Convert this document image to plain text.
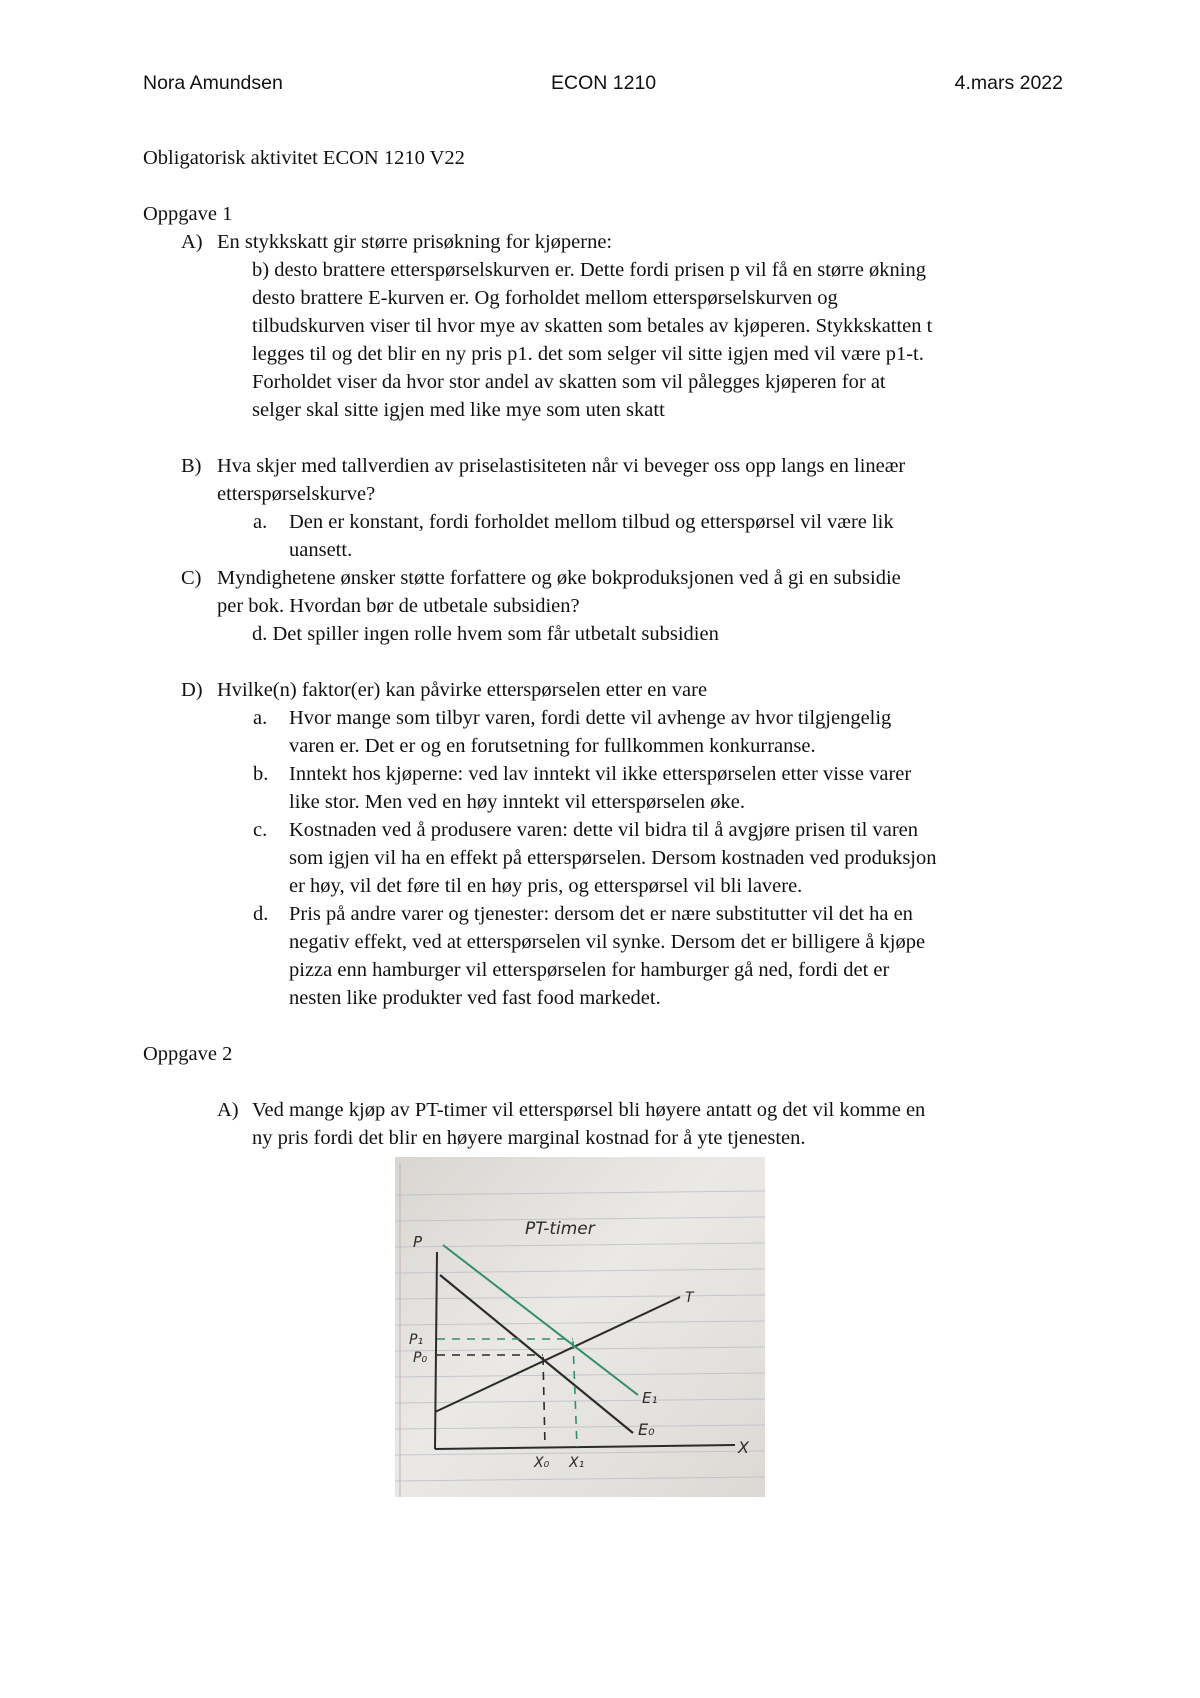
Nora Amundsen	ECON 1210	4.mars 2022
Obligatorisk aktivitet ECON 1210 V22
Oppgave 1
A) En stykkskatt gir større prisøkning for kjøperne:
b) desto brattere etterspørselskurven er. Dette fordi prisen p vil få en større økning
desto brattere E-kurven er. Og forholdet mellom etterspørselskurven og
tilbudskurven viser til hvor mye av skatten som betales av kjøperen. Stykkskatten t
legges til og det blir en ny pris p1. det som selger vil sitte igjen med vil være p1-t.
Forholdet viser da hvor stor andel av skatten som vil pålegges kjøperen for at
selger skal sitte igjen med like mye som uten skatt
B) Hva skjer med tallverdien av priselastisiteten når vi beveger oss opp langs en lineær
etterspørselskurve?
a. Den er konstant, fordi forholdet mellom tilbud og etterspørsel vil være lik
uansett.
C) Myndighetene ønsker støtte forfattere og øke bokproduksjonen ved å gi en subsidie
per bok. Hvordan bør de utbetale subsidien?
d. Det spiller ingen rolle hvem som får utbetalt subsidien
D) Hvilke(n) faktor(er) kan påvirke etterspørselen etter en vare
a. Hvor mange som tilbyr varen, fordi dette vil avhenge av hvor tilgjengelig
varen er. Det er og en forutsetning for fullkommen konkurranse.
b. Inntekt hos kjøperne: ved lav inntekt vil ikke etterspørselen etter visse varer
like stor. Men ved en høy inntekt vil etterspørselen øke.
c. Kostnaden ved å produsere varen: dette vil bidra til å avgjøre prisen til varen
som igjen vil ha en effekt på etterspørselen. Dersom kostnaden ved produksjon
er høy, vil det føre til en høy pris, og etterspørsel vil bli lavere.
d. Pris på andre varer og tjenester: dersom det er nære substitutter vil det ha en
negativ effekt, ved at etterspørselen vil synke. Dersom det er billigere å kjøpe
pizza enn hamburger vil etterspørselen for hamburger gå ned, fordi det er
nesten like produkter ved fast food markedet.
Oppgave 2
A) Ved mange kjøp av PT-timer vil etterspørsel bli høyere antatt og det vil komme en
ny pris fordi det blir en høyere marginal kostnad for å yte tjenesten.
P
PT-timer
T
P₁
P₀
E₁
E₀
X₀ X₁
X
